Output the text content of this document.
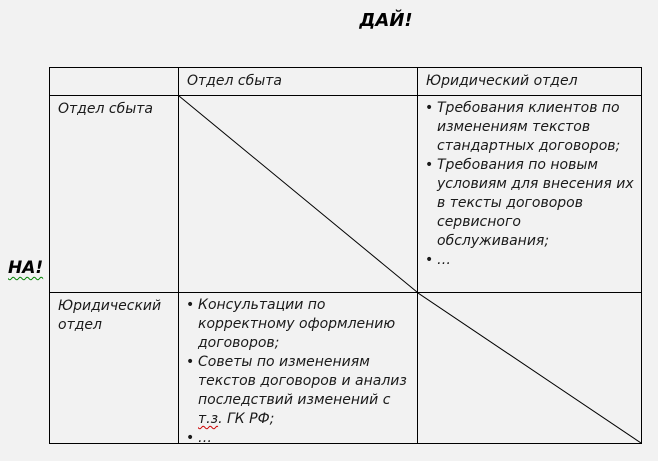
ДАЙ!
НА!
Отдел сбыта	Юридический отдел
Отдел сбыта	• Требования клиентов по изменениям текстов стандартных договоров;
• Требования по новым условиям для внесения их в тексты договоров сервисного обслуживания;
• …
Юридический отдел
• Консультации по корректному оформлению договоров;
• Советы по изменениям текстов договоров и анализ последствий изменений с т.з. ГК РФ;
• …
